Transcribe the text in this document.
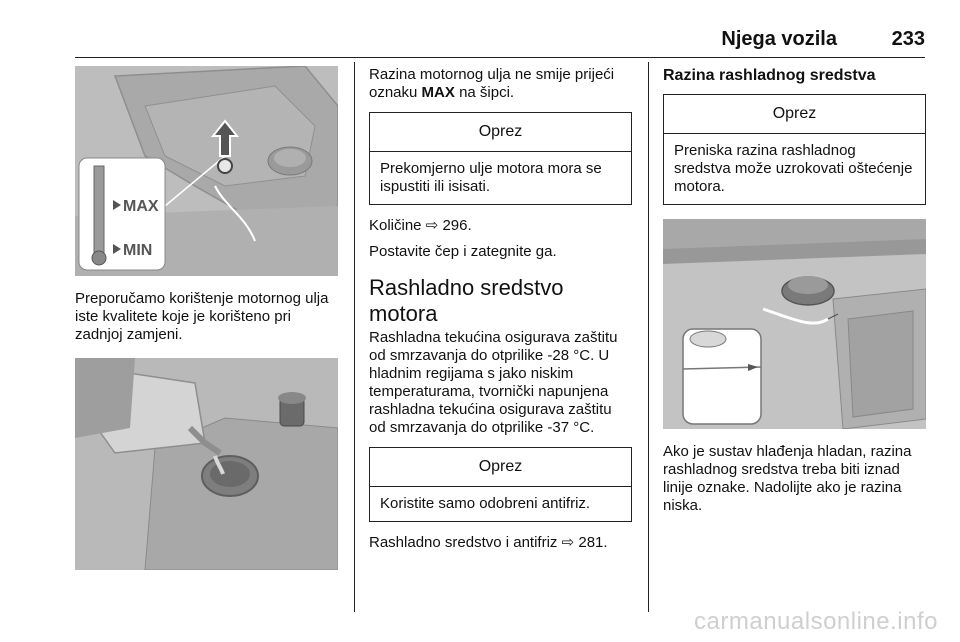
Njega vozila	233
MAX
MIN

Preporučamo korištenje motornog ulja iste kvalitete koje je korišteno pri zadnjoj zamjeni.

Razina motornog ulja ne smije prijeći oznaku MAX na šipci.

Oprez
Prekomjerno ulje motora mora se ispustiti ili isisati.

Količine ⇨ 296.

Postavite čep i zategnite ga.

Rashladno sredstvo motora

Rashladna tekućina osigurava zaštitu od smrzavanja do otprilike -28 °C. U hladnim regijama s jako niskim temperaturama, tvornički napunjena rashladna tekućina osigurava zaštitu od smrzavanja do otprilike -37 °C.

Oprez
Koristite samo odobreni antifriz.

Rashladno sredstvo i antifriz ⇨ 281.

Razina rashladnog sredstva
Oprez
Preniska razina rashladnog sredstva može uzrokovati oštećenje motora.

Ako je sustav hlađenja hladan, razina rashladnog sredstva treba biti iznad linije oznake. Nadolijte ako je razina niska.

carmanualsonline.info
